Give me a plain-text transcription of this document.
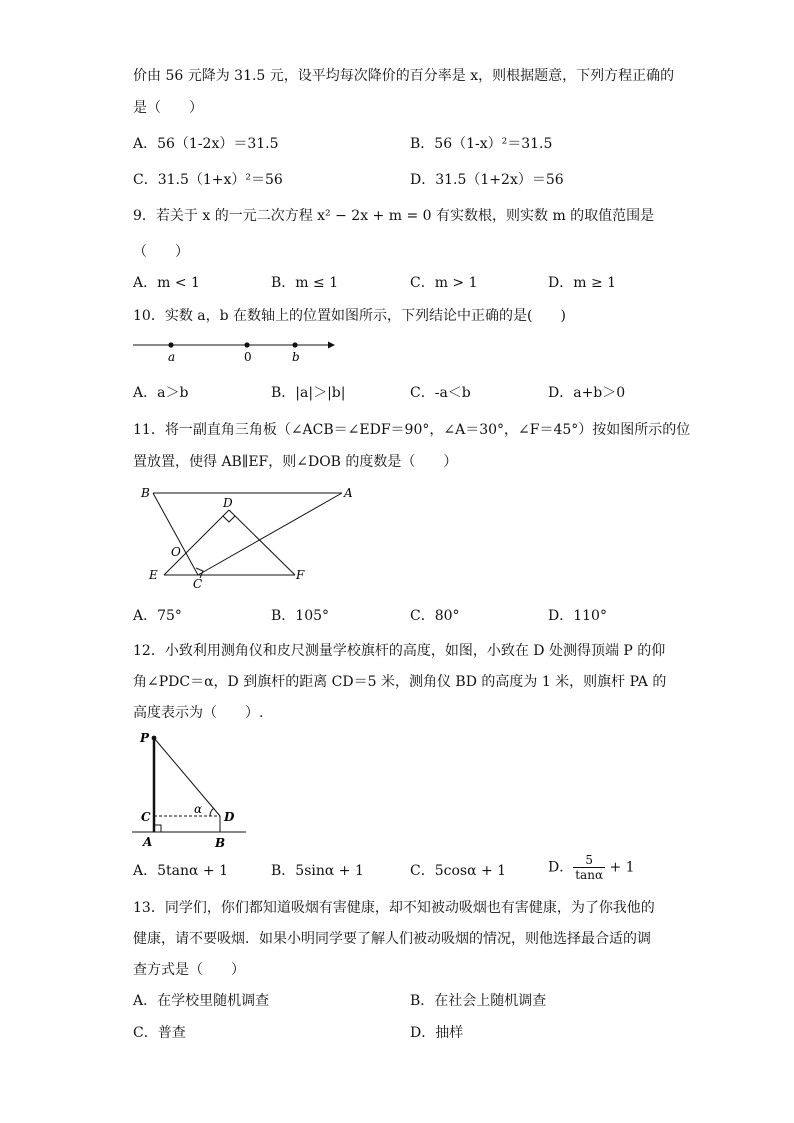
价由 56 元降为 31.5 元，设平均每次降价的百分率是 x，则根据题意，下列方程正确的
是（　　）
A．56（1-2x）＝31.5	B．56（1-x）²＝31.5
C．31.5（1+x）²＝56	D．31.5（1+2x）＝56
9．若关于 x 的一元二次方程 x² − 2x + m = 0 有实数根，则实数 m 的取值范围是
（　　）
A．m < 1	B．m ≤ 1	C．m > 1	D．m ≥ 1
10．实数 a，b 在数轴上的位置如图所示，下列结论中正确的是(　　)
a	0	b
A．a＞b	B．|a|＞|b|	C．-a＜b	D．a+b＞0
11．将一副直角三角板（∠ACB＝∠EDF＝90°，∠A＝30°，∠F＝45°）按如图所示的位
置放置，使得 AB∥EF，则∠DOB 的度数是（　　）
B	A
D
O
E
C
F
A．75°	B．105°	C．80°	D．110°
12．小致利用测角仪和皮尺测量学校旗杆的高度，如图，小致在 D 处测得顶端 P 的仰
角∠PDC＝α，D 到旗杆的距离 CD＝5 米，测角仪 BD 的高度为 1 米，则旗杆 PA 的
高度表示为（　　）.
P
C
A
α
D
B
A．5tanα + 1	B．5sinα + 1	C．5cosα + 1	D． $\frac{5}{\tan\alpha} + 1$
13．同学们，你们都知道吸烟有害健康，却不知被动吸烟也有害健康，为了你我他的
健康，请不要吸烟．如果小明同学要了解人们被动吸烟的情况，则他选择最合适的调
查方式是（　　）
A．在学校里随机调查	B．在社会上随机调查
C．普查	D．抽样
